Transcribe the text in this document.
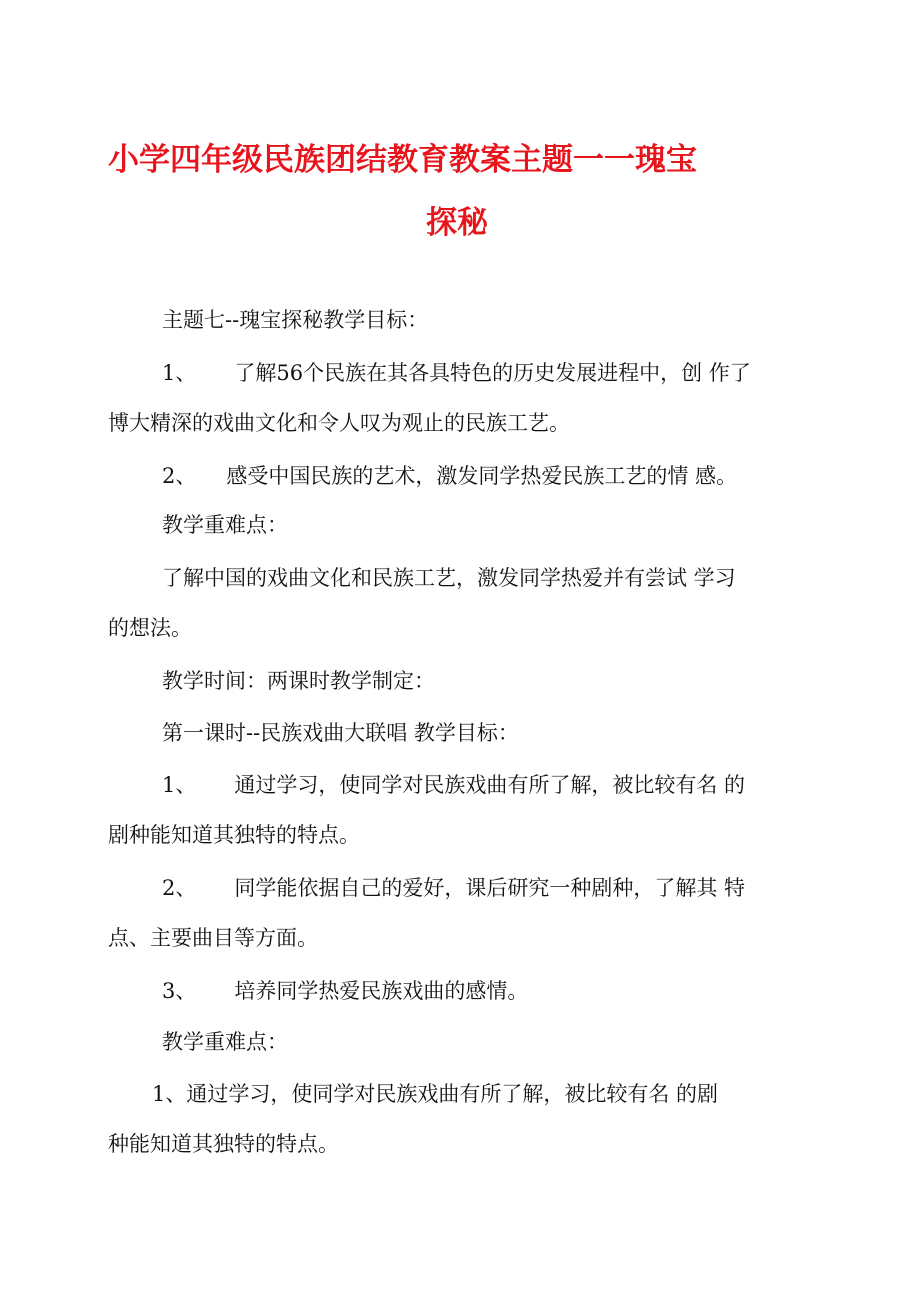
小学四年级民族团结教育教案主题一一瑰宝
探秘

主题七--瑰宝探秘教学目标：

1、 了解56个民族在其各具特色的历史发展进程中，创 作了

博大精深的戏曲文化和令人叹为观止的民族工艺。

2、 感受中国民族的艺术，激发同学热爱民族工艺的情 感。

教学重难点：

了解中国的戏曲文化和民族工艺，激发同学热爱并有尝试 学习

的想法。

教学时间：两课时教学制定：

第一课时--民族戏曲大联唱 教学目标：

1、 通过学习，使同学对民族戏曲有所了解，被比较有名 的

剧种能知道其独特的特点。

2、 同学能依据自己的爱好，课后研究一种剧种，了解其 特

点、主要曲目等方面。

3、 培养同学热爱民族戏曲的感情。

教学重难点：

1、通过学习，使同学对民族戏曲有所了解，被比较有名 的剧

种能知道其独特的特点。
